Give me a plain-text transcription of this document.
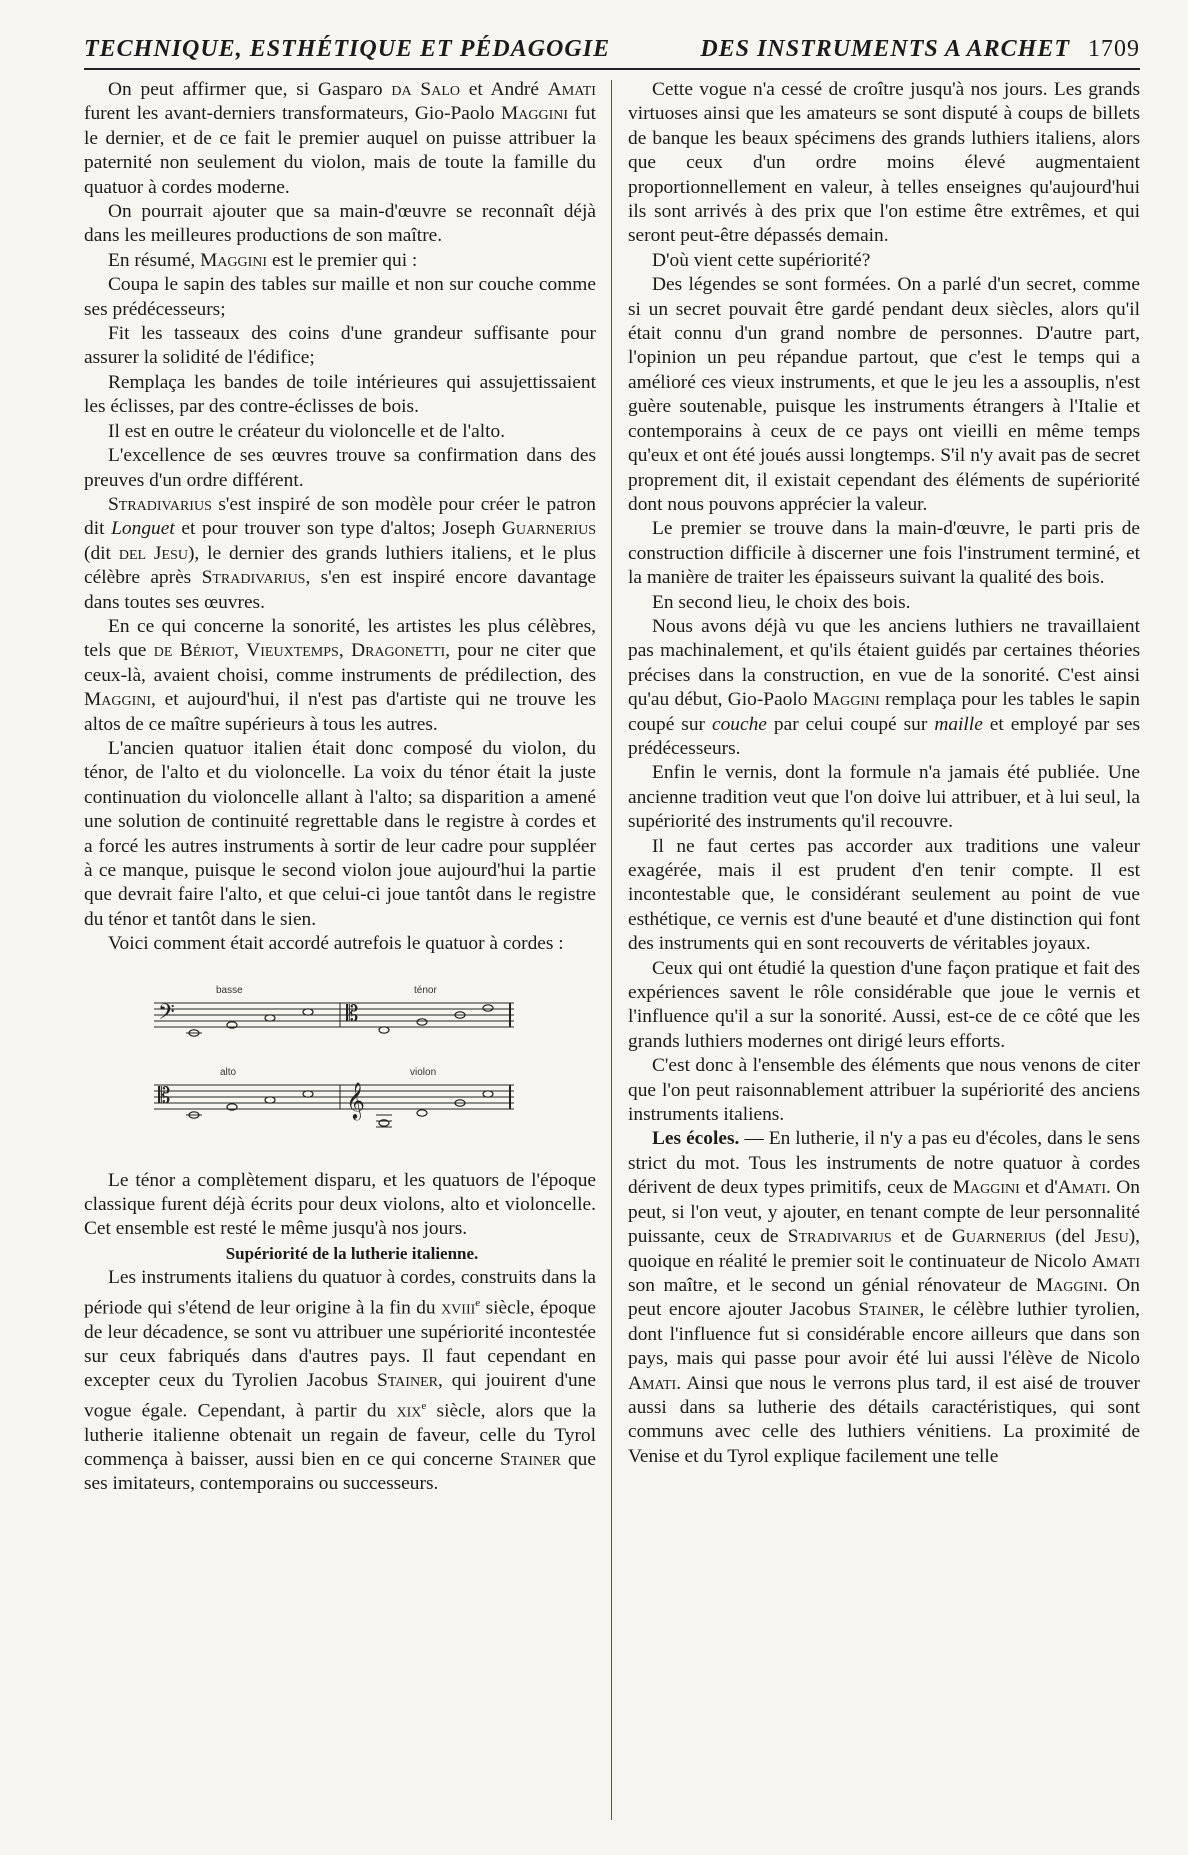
TECHNIQUE, ESTHÉTIQUE ET PÉDAGOGIE	DES INSTRUMENTS A ARCHET 1709

On peut affirmer que, si Gasparo da Salo et André Amati furent les avant-derniers transformateurs, Gio-Paolo Maggini fut le dernier, et de ce fait le premier auquel on puisse attribuer la paternité non seulement du violon, mais de toute la famille du quatuor à cordes moderne.

On pourrait ajouter que sa main-d'œuvre se reconnaît déjà dans les meilleures productions de son maître.

En résumé, Maggini est le premier qui :

Coupa le sapin des tables sur maille et non sur couche comme ses prédécesseurs;

Fit les tasseaux des coins d'une grandeur suffisante pour assurer la solidité de l'édifice;

Remplaça les bandes de toile intérieures qui assujettissaient les éclisses, par des contre-éclisses de bois.

Il est en outre le créateur du violoncelle et de l'alto.

L'excellence de ses œuvres trouve sa confirmation dans des preuves d'un ordre différent.

Stradivarius s'est inspiré de son modèle pour créer le patron dit Longuet et pour trouver son type d'altos; Joseph Guarnerius (dit del Jesu), le dernier des grands luthiers italiens, et le plus célèbre après Stradivarius, s'en est inspiré encore davantage dans toutes ses œuvres.

En ce qui concerne la sonorité, les artistes les plus célèbres, tels que de Bériot, Vieuxtemps, Dragonetti, pour ne citer que ceux-là, avaient choisi, comme instruments de prédilection, des Maggini, et aujourd'hui, il n'est pas d'artiste qui ne trouve les altos de ce maître supérieurs à tous les autres.

L'ancien quatuor italien était donc composé du violon, du ténor, de l'alto et du violoncelle. La voix du ténor était la juste continuation du violoncelle allant à l'alto; sa disparition a amené une solution de continuité regrettable dans le registre à cordes et a forcé les autres instruments à sortir de leur cadre pour suppléer à ce manque, puisque le second violon joue aujourd'hui la partie que devrait faire l'alto, et que celui-ci joue tantôt dans le registre du ténor et tantôt dans le sien.

Voici comment était accordé autrefois le quatuor à cordes :

𝄢	𝄡
𝄡	𝄞
basse	ténor
alto	violon

Le ténor a complètement disparu, et les quatuors de l'époque classique furent déjà écrits pour deux violons, alto et violoncelle. Cet ensemble est resté le même jusqu'à nos jours.

Supériorité de la lutherie italienne.

Les instruments italiens du quatuor à cordes, construits dans la période qui s'étend de leur origine à la fin du xviii$^e$ siècle, époque de leur décadence, se sont vu attribuer une supériorité incontestée sur ceux fabriqués dans d'autres pays. Il faut cependant en excepter ceux du Tyrolien Jacobus Stainer, qui jouirent d'une vogue égale. Cependant, à partir du xix$^e$ siècle, alors que la lutherie italienne obtenait un regain de faveur, celle du Tyrol commença à baisser, aussi bien en ce qui concerne Stainer que ses imitateurs, contemporains ou successeurs.

Cette vogue n'a cessé de croître jusqu'à nos jours. Les grands virtuoses ainsi que les amateurs se sont disputé à coups de billets de banque les beaux spécimens des grands luthiers italiens, alors que ceux d'un ordre moins élevé augmentaient proportionnellement en valeur, à telles enseignes qu'aujourd'hui ils sont arrivés à des prix que l'on estime être extrêmes, et qui seront peut-être dépassés demain.

D'où vient cette supériorité?

Des légendes se sont formées. On a parlé d'un secret, comme si un secret pouvait être gardé pendant deux siècles, alors qu'il était connu d'un grand nombre de personnes. D'autre part, l'opinion un peu répandue partout, que c'est le temps qui a amélioré ces vieux instruments, et que le jeu les a assouplis, n'est guère soutenable, puisque les instruments étrangers à l'Italie et contemporains à ceux de ce pays ont vieilli en même temps qu'eux et ont été joués aussi longtemps. S'il n'y avait pas de secret proprement dit, il existait cependant des éléments de supériorité dont nous pouvons apprécier la valeur.

Le premier se trouve dans la main-d'œuvre, le parti pris de construction difficile à discerner une fois l'instrument terminé, et la manière de traiter les épaisseurs suivant la qualité des bois.

En second lieu, le choix des bois.

Nous avons déjà vu que les anciens luthiers ne travaillaient pas machinalement, et qu'ils étaient guidés par certaines théories précises dans la construction, en vue de la sonorité. C'est ainsi qu'au début, Gio-Paolo Maggini remplaça pour les tables le sapin coupé sur couche par celui coupé sur maille et employé par ses prédécesseurs.

Enfin le vernis, dont la formule n'a jamais été publiée. Une ancienne tradition veut que l'on doive lui attribuer, et à lui seul, la supériorité des instruments qu'il recouvre.

Il ne faut certes pas accorder aux traditions une valeur exagérée, mais il est prudent d'en tenir compte. Il est incontestable que, le considérant seulement au point de vue esthétique, ce vernis est d'une beauté et d'une distinction qui font des instruments qui en sont recouverts de véritables joyaux.

Ceux qui ont étudié la question d'une façon pratique et fait des expériences savent le rôle considérable que joue le vernis et l'influence qu'il a sur la sonorité. Aussi, est-ce de ce côté que les grands luthiers modernes ont dirigé leurs efforts.

C'est donc à l'ensemble des éléments que nous venons de citer que l'on peut raisonnablement attribuer la supériorité des anciens instruments italiens.

Les écoles. — En lutherie, il n'y a pas eu d'écoles, dans le sens strict du mot. Tous les instruments de notre quatuor à cordes dérivent de deux types primitifs, ceux de Maggini et d'Amati. On peut, si l'on veut, y ajouter, en tenant compte de leur personnalité puissante, ceux de Stradivarius et de Guarnerius (del Jesu), quoique en réalité le premier soit le continuateur de Nicolo Amati son maître, et le second un génial rénovateur de Maggini. On peut encore ajouter Jacobus Stainer, le célèbre luthier tyrolien, dont l'influence fut si considérable encore ailleurs que dans son pays, mais qui passe pour avoir été lui aussi l'élève de Nicolo Amati. Ainsi que nous le verrons plus tard, il est aisé de trouver aussi dans sa lutherie des détails caractéristiques, qui sont communs avec celle des luthiers vénitiens. La proximité de Venise et du Tyrol explique facilement une telle
